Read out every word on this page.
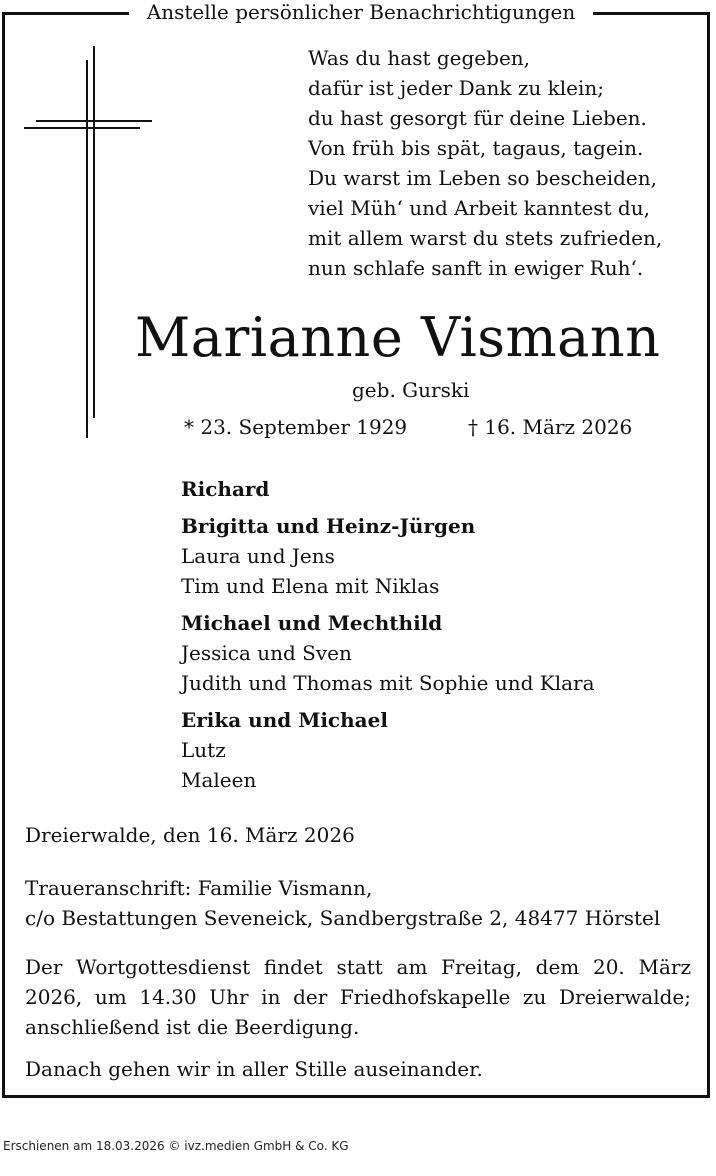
Anstelle persönlicher Benachrichtigungen
Was du hast gegeben,
dafür ist jeder Dank zu klein;
du hast gesorgt für deine Lieben.
Von früh bis spät, tagaus, tagein.
Du warst im Leben so bescheiden,
viel Müh‘ und Arbeit kanntest du,
mit allem warst du stets zufrieden,
nun schlafe sanft in ewiger Ruh‘.
Marianne Vismann
geb. Gurski
* 23. September 1929	† 16. März 2026
Richard
Brigitta und Heinz-Jürgen
Laura und Jens
Tim und Elena mit Niklas
Michael und Mechthild
Jessica und Sven
Judith und Thomas mit Sophie und Klara
Erika und Michael
Lutz
Maleen
Dreierwalde, den 16. März 2026
Traueranschrift: Familie Vismann,
c/o Bestattungen Seveneick, Sandbergstraße 2, 48477 Hörstel
Der Wortgottesdienst findet statt am Freitag, dem 20. März 2026, um 14.30 Uhr in der Friedhofskapelle zu Dreierwalde; anschließend ist die Beerdigung.
Danach gehen wir in aller Stille auseinander.
Erschienen am 18.03.2026 © ivz.medien GmbH & Co. KG
